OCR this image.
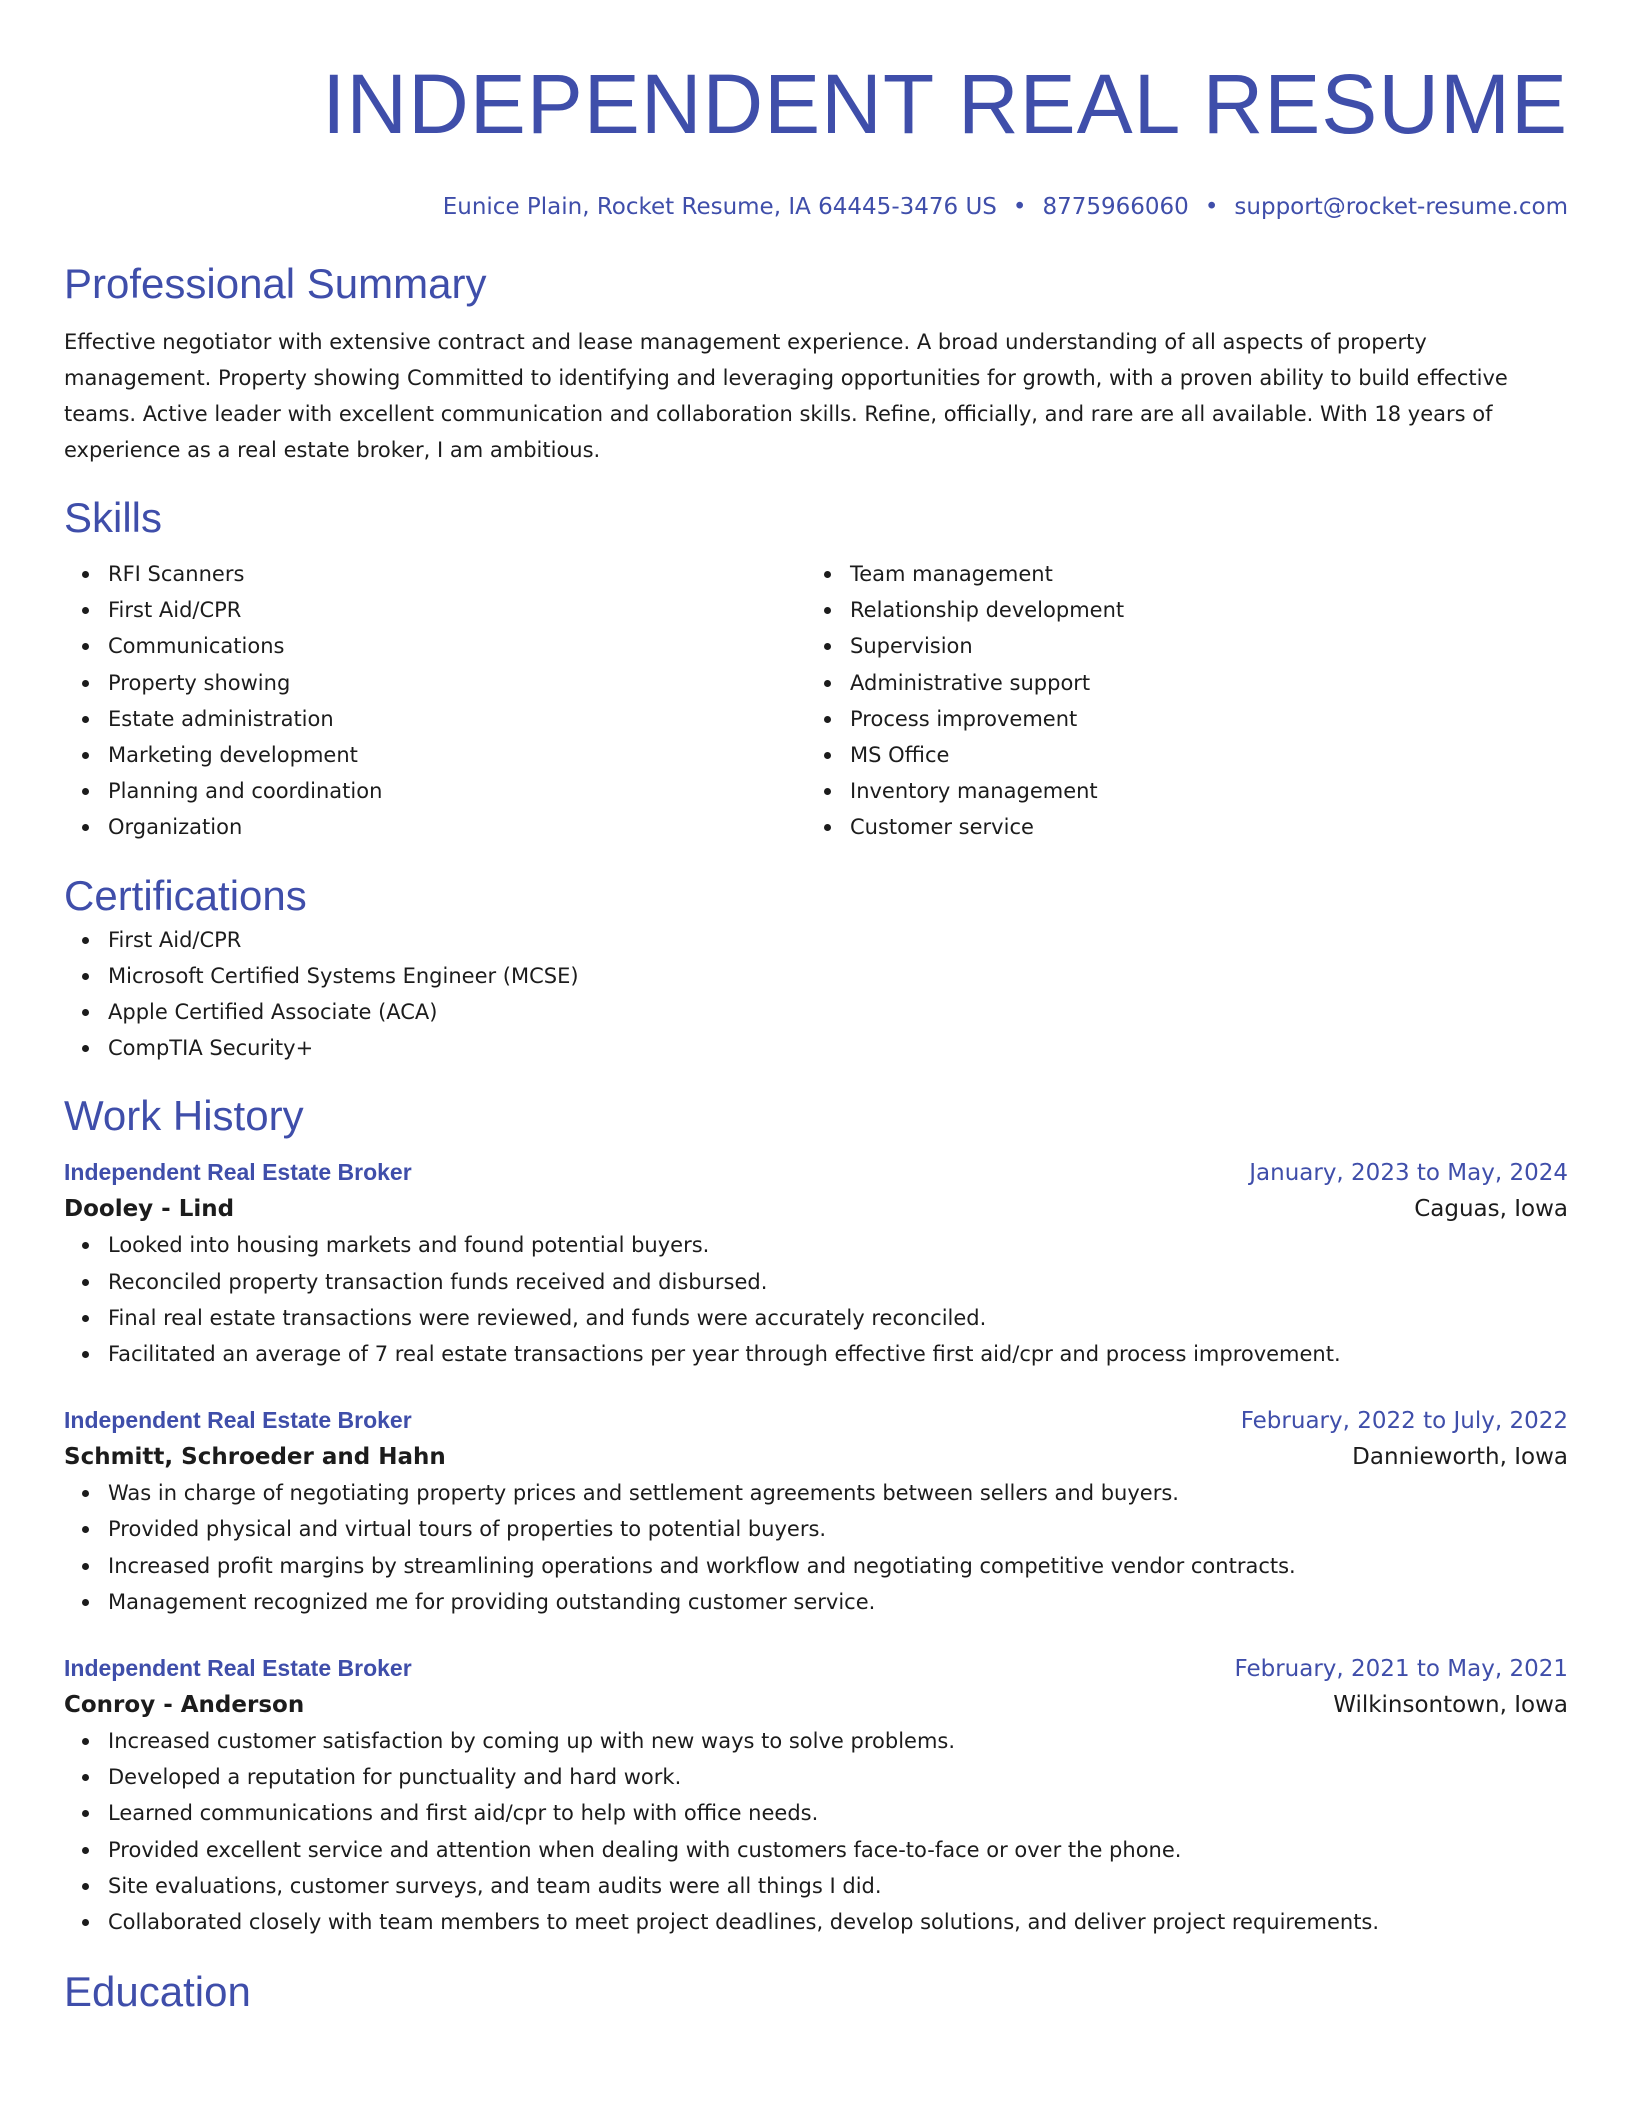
INDEPENDENT REAL RESUME
Eunice Plain, Rocket Resume, IA 64445-3476 US • 8775966060 • support@rocket-resume.com
Professional Summary
Effective negotiator with extensive contract and lease management experience. A broad understanding of all aspects of property management. Property showing Committed to identifying and leveraging opportunities for growth, with a proven ability to build effective teams. Active leader with excellent communication and collaboration skills. Refine, officially, and rare are all available. With 18 years of experience as a real estate broker, I am ambitious.
Skills
RFI Scanners
First Aid/CPR
Communications
Property showing
Estate administration
Marketing development
Planning and coordination
Organization
Team management
Relationship development
Supervision
Administrative support
Process improvement
MS Office
Inventory management
Customer service
Certifications
First Aid/CPR
Microsoft Certified Systems Engineer (MCSE)
Apple Certified Associate (ACA)
CompTIA Security+
Work History
Independent Real Estate Broker	January, 2023 to May, 2024
Dooley - Lind	Caguas, Iowa
Looked into housing markets and found potential buyers.
Reconciled property transaction funds received and disbursed.
Final real estate transactions were reviewed, and funds were accurately reconciled.
Facilitated an average of 7 real estate transactions per year through effective first aid/cpr and process improvement.
Independent Real Estate Broker	February, 2022 to July, 2022
Schmitt, Schroeder and Hahn	Dannieworth, Iowa
Was in charge of negotiating property prices and settlement agreements between sellers and buyers.
Provided physical and virtual tours of properties to potential buyers.
Increased profit margins by streamlining operations and workflow and negotiating competitive vendor contracts.
Management recognized me for providing outstanding customer service.
Independent Real Estate Broker	February, 2021 to May, 2021
Conroy - Anderson	Wilkinsontown, Iowa
Increased customer satisfaction by coming up with new ways to solve problems.
Developed a reputation for punctuality and hard work.
Learned communications and first aid/cpr to help with office needs.
Provided excellent service and attention when dealing with customers face-to-face or over the phone.
Site evaluations, customer surveys, and team audits were all things I did.
Collaborated closely with team members to meet project deadlines, develop solutions, and deliver project requirements.
Education
